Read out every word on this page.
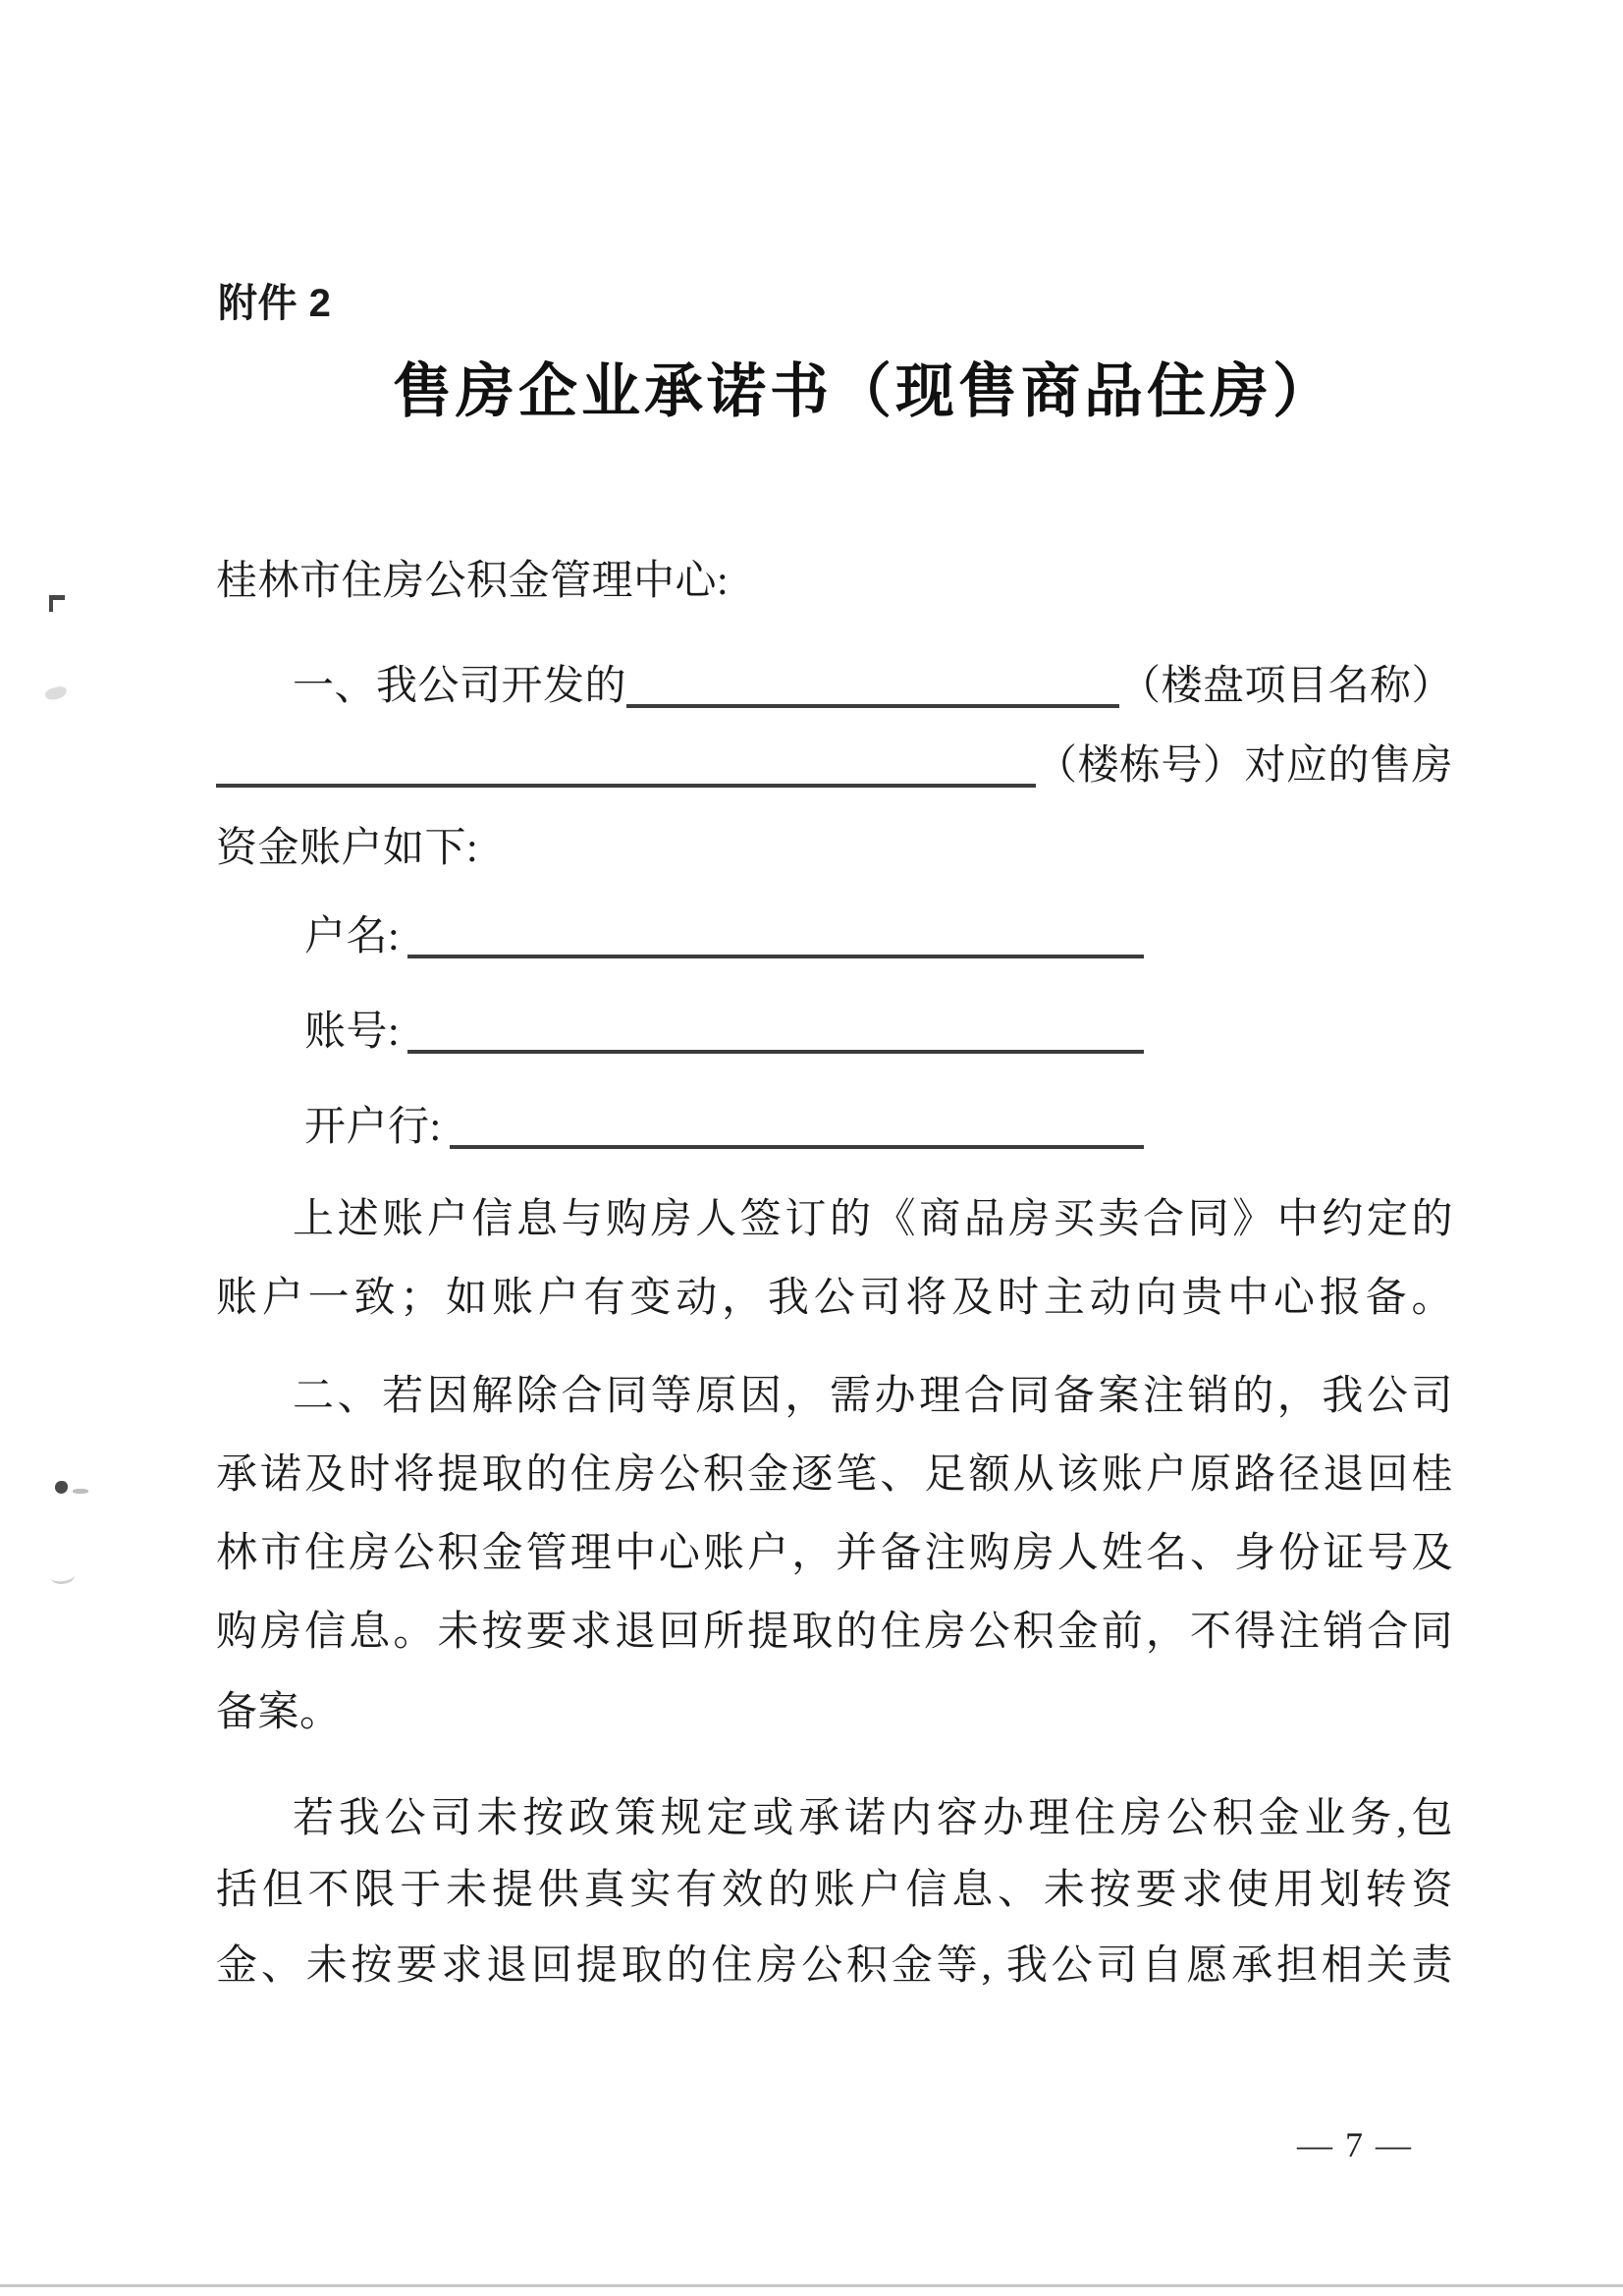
附件 2
售房企业承诺书（现售商品住房）
桂林市住房公积金管理中心:
一、我公司开发的	（楼盘项目名称）
（楼栋号）对应的售房
资金账户如下:
户名:
账号:
开户行:
上述账户信息与购房人签订的《商品房买卖合同》中约定的
账户一致；如账户有变动，我公司将及时主动向贵中心报备。
二、若因解除合同等原因，需办理合同备案注销的，我公司
承诺及时将提取的住房公积金逐笔、足额从该账户原路径退回桂
林市住房公积金管理中心账户，并备注购房人姓名、身份证号及
购房信息。未按要求退回所提取的住房公积金前，不得注销合同
备案。
若我公司未按政策规定或承诺内容办理住房公积金业务,包
括但不限于未提供真实有效的账户信息、未按要求使用划转资
金、未按要求退回提取的住房公积金等, 我公司自愿承担相关责
— 7 —
